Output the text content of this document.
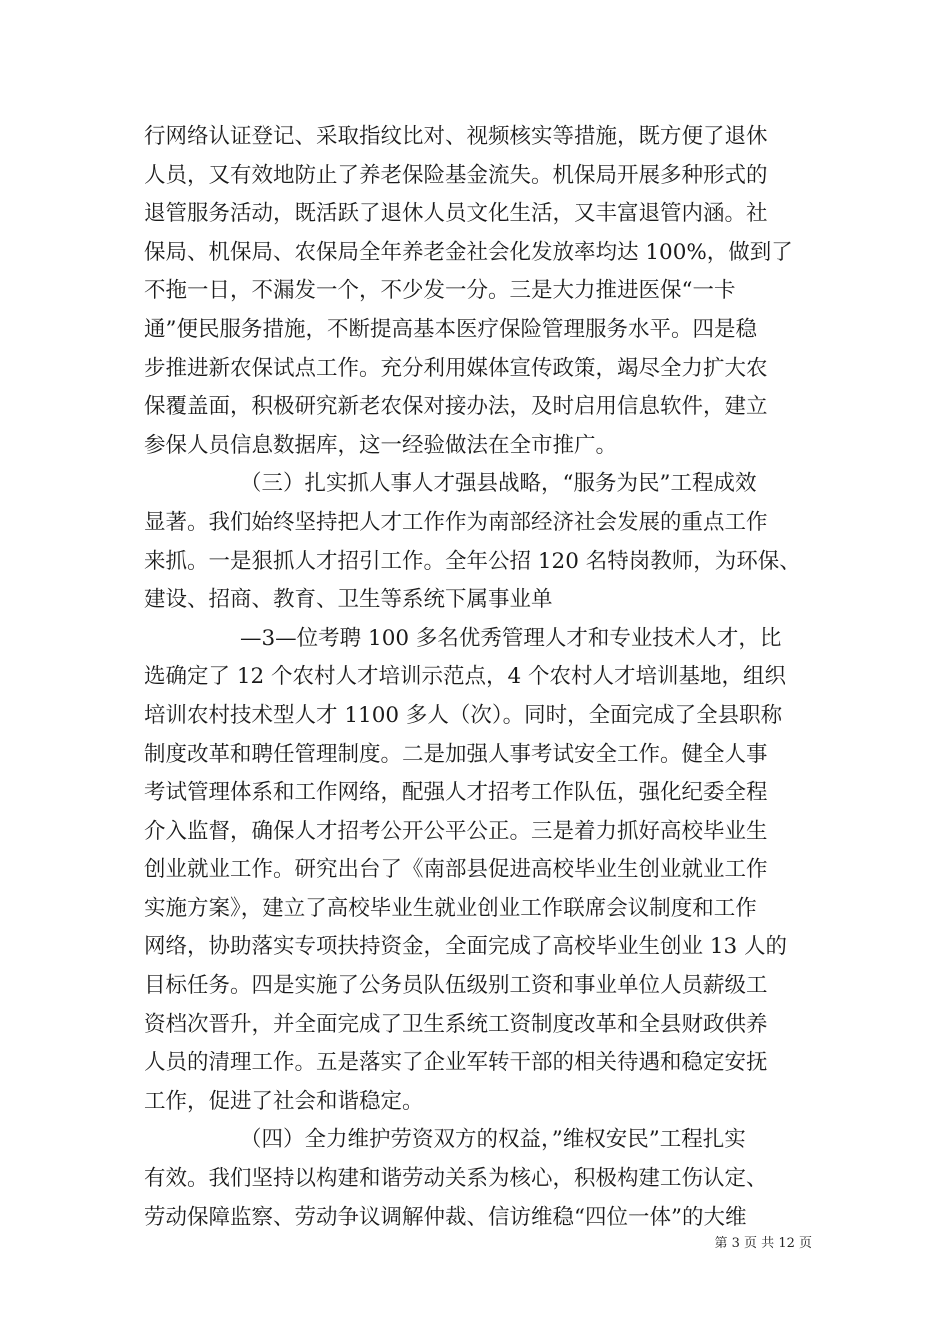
行网络认证登记、采取指纹比对、视频核实等措施，既方便了退休
人员，又有效地防止了养老保险基金流失。机保局开展多种形式的
退管服务活动，既活跃了退休人员文化生活，又丰富退管内涵。社
保局、机保局、农保局全年养老金社会化发放率均达 100%，做到了
不拖一日，不漏发一个，不少发一分。三是大力推进医保“一卡
通”便民服务措施，不断提高基本医疗保险管理服务水平。四是稳
步推进新农保试点工作。充分利用媒体宣传政策，竭尽全力扩大农
保覆盖面，积极研究新老农保对接办法，及时启用信息软件，建立
参保人员信息数据库，这一经验做法在全市推广。
（三）扎实抓人事人才强县战略，“服务为民”工程成效
显著。我们始终坚持把人才工作作为南部经济社会发展的重点工作
来抓。一是狠抓人才招引工作。全年公招 120 名特岗教师，为环保、
建设、招商、教育、卫生等系统下属事业单
—3—位考聘 100 多名优秀管理人才和专业技术人才，比
选确定了 12 个农村人才培训示范点，4 个农村人才培训基地，组织
培训农村技术型人才 1100 多人（次）。同时，全面完成了全县职称
制度改革和聘任管理制度。二是加强人事考试安全工作。健全人事
考试管理体系和工作网络，配强人才招考工作队伍，强化纪委全程
介入监督，确保人才招考公开公平公正。三是着力抓好高校毕业生
创业就业工作。研究出台了《南部县促进高校毕业生创业就业工作
实施方案》，建立了高校毕业生就业创业工作联席会议制度和工作
网络，协助落实专项扶持资金，全面完成了高校毕业生创业 13 人的
目标任务。四是实施了公务员队伍级别工资和事业单位人员薪级工
资档次晋升，并全面完成了卫生系统工资制度改革和全县财政供养
人员的清理工作。五是落实了企业军转干部的相关待遇和稳定安抚
工作，促进了社会和谐稳定。
（四）全力维护劳资双方的权益，”维权安民”工程扎实
有效。我们坚持以构建和谐劳动关系为核心，积极构建工伤认定、
劳动保障监察、劳动争议调解仲裁、信访维稳“四位一体”的大维
第 3 页 共 12 页
